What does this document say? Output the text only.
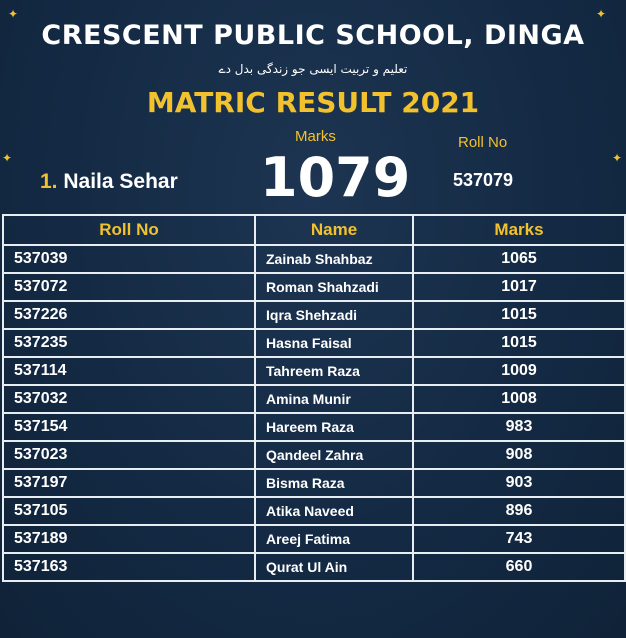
✦	✦
✦	✦
CRESCENT PUBLIC SCHOOL, DINGA
تعلیم و تربیت ایسی جو زندگی بدل دے
MATRIC RESULT 2021
Marks	Roll No
1. Naila Sehar 1079 537079
Roll No	Name	Marks
537039	Zainab Shahbaz	1065
537072	Roman Shahzadi	1017
537226	Iqra Shehzadi	1015
537235	Hasna Faisal	1015
537114	Tahreem Raza	1009
537032	Amina Munir	1008
537154	Hareem Raza	983
537023	Qandeel Zahra	908
537197	Bisma Raza	903
537105	Atika Naveed	896
537189	Areej Fatima	743
537163	Qurat Ul Ain	660
